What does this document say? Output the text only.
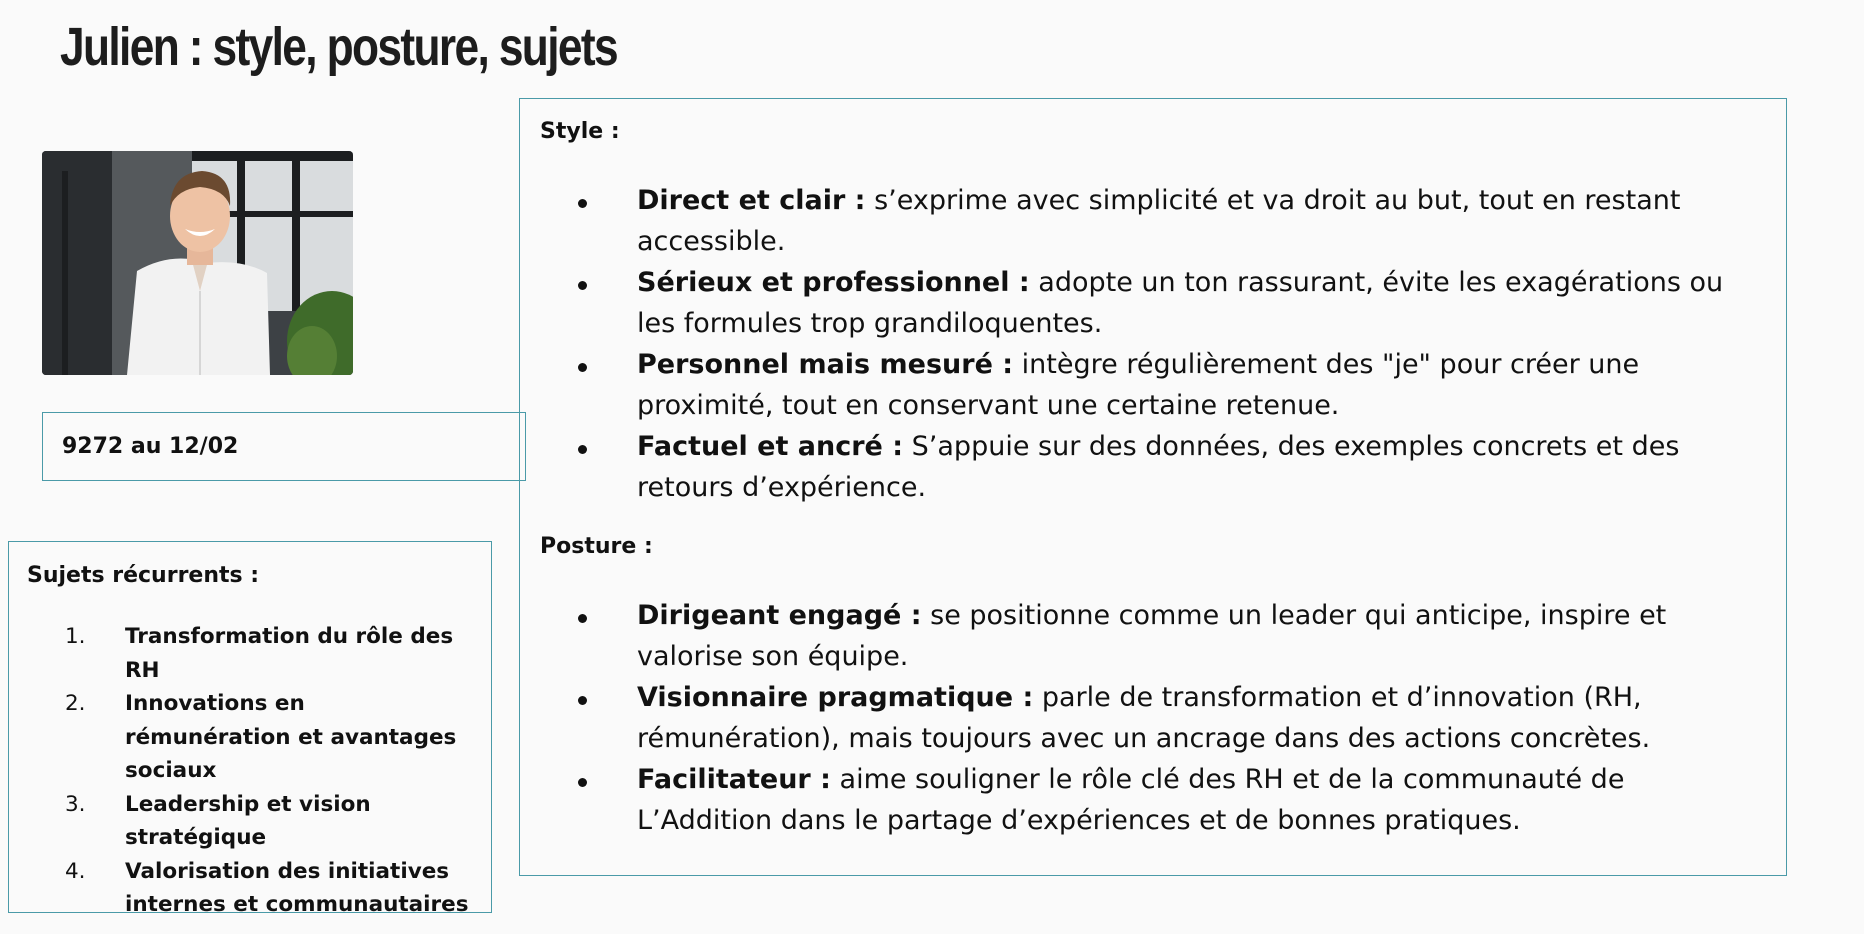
Julien : style, posture, sujets
9272 au 12/02
Sujets récurrents :
1.	Transformation du rôle des RH
2.	Innovations en rémunération et avantages sociaux
3.	Leadership et vision stratégique
4.	Valorisation des initiatives internes et communautaires
Style :
Direct et clair : s’exprime avec simplicité et va droit au but, tout en restant accessible.
Sérieux et professionnel : adopte un ton rassurant, évite les exagérations ou les formules trop grandiloquentes.
Personnel mais mesuré : intègre régulièrement des "je" pour créer une proximité, tout en conservant une certaine retenue.
Factuel et ancré : S’appuie sur des données, des exemples concrets et des retours d’expérience.
Posture :
Dirigeant engagé : se positionne comme un leader qui anticipe, inspire et valorise son équipe.
Visionnaire pragmatique : parle de transformation et d’innovation (RH, rémunération), mais toujours avec un ancrage dans des actions concrètes.
Facilitateur : aime souligner le rôle clé des RH et de la communauté de L’Addition dans le partage d’expériences et de bonnes pratiques.
